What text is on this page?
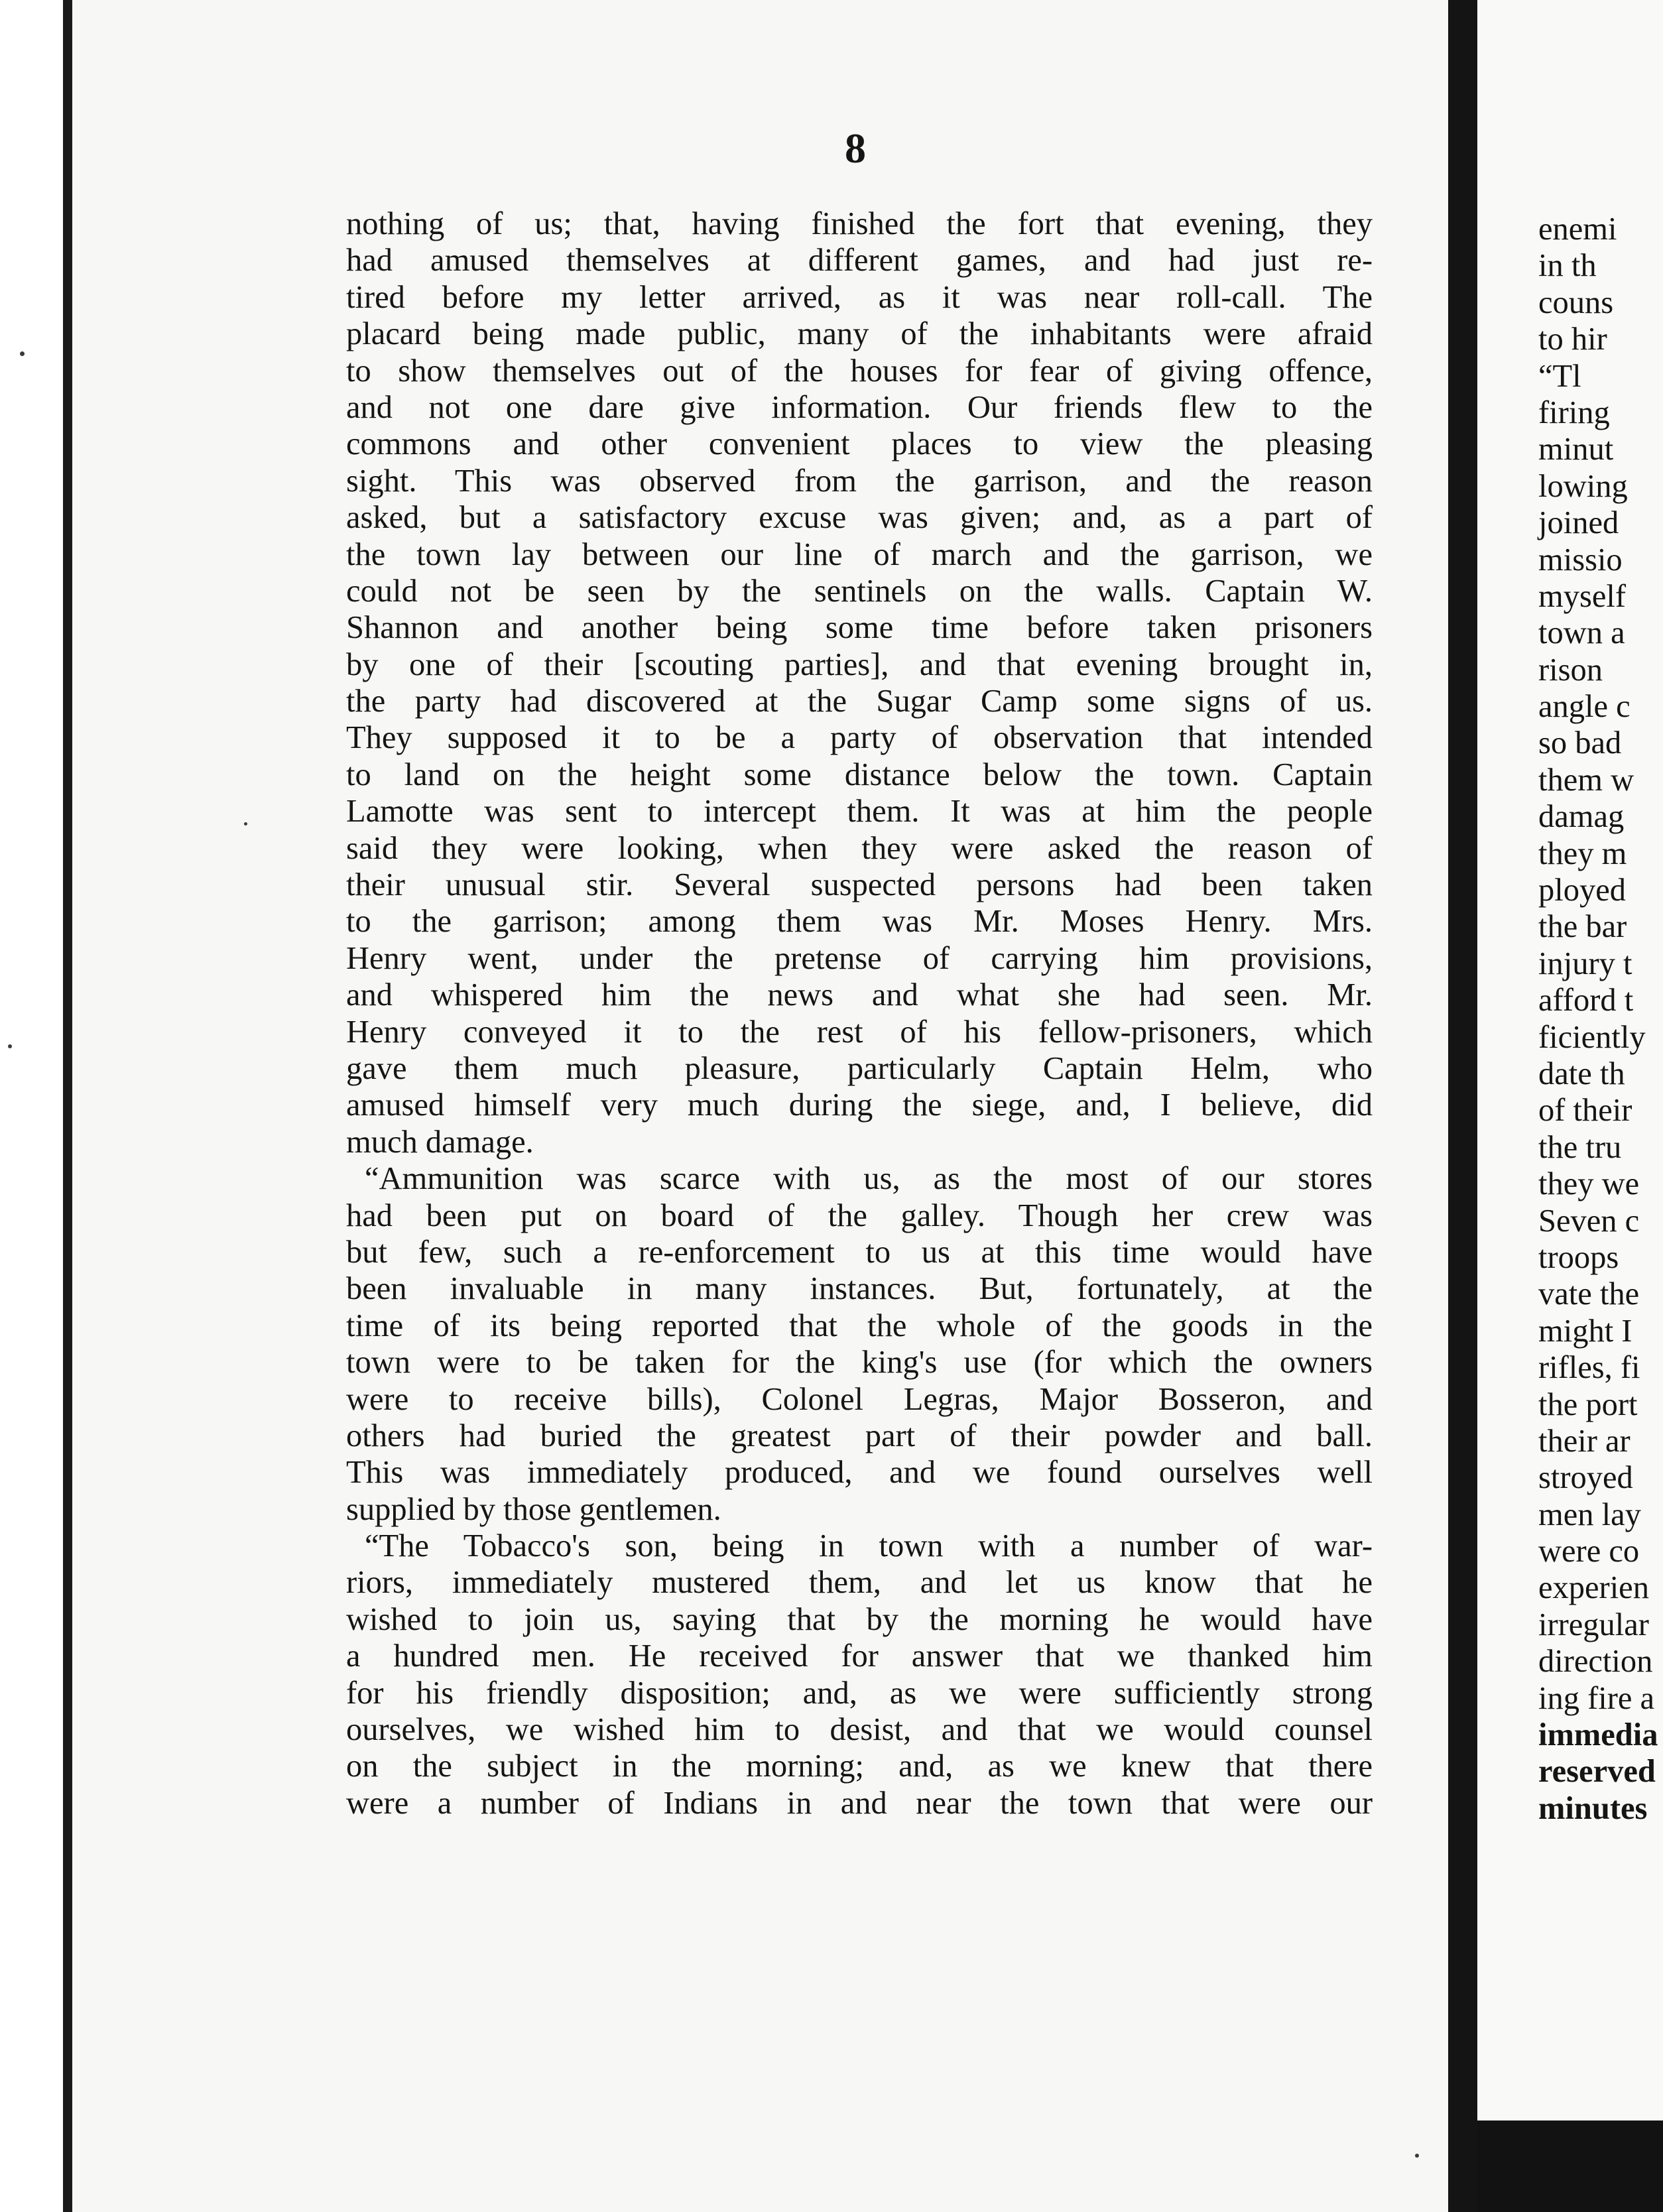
8
nothing of us; that, having finished the fort that evening, they
had amused themselves at different games, and had just re-
tired before my letter arrived, as it was near roll-call. The
placard being made public, many of the inhabitants were afraid
to show themselves out of the houses for fear of giving offence,
and not one dare give information. Our friends flew to the
commons and other convenient places to view the pleasing
sight. This was observed from the garrison, and the reason
asked, but a satisfactory excuse was given; and, as a part of
the town lay between our line of march and the garrison, we
could not be seen by the sentinels on the walls. Captain W.
Shannon and another being some time before taken prisoners
by one of their [scouting parties], and that evening brought in,
the party had discovered at the Sugar Camp some signs of us.
They supposed it to be a party of observation that intended
to land on the height some distance below the town. Captain
Lamotte was sent to intercept them. It was at him the people
said they were looking, when they were asked the reason of
their unusual stir. Several suspected persons had been taken
to the garrison; among them was Mr. Moses Henry. Mrs.
Henry went, under the pretense of carrying him provisions,
and whispered him the news and what she had seen. Mr.
Henry conveyed it to the rest of his fellow-prisoners, which
gave them much pleasure, particularly Captain Helm, who
amused himself very much during the siege, and, I believe, did
much damage.
“Ammunition was scarce with us, as the most of our stores
had been put on board of the galley. Though her crew was
but few, such a re-enforcement to us at this time would have
been invaluable in many instances. But, fortunately, at the
time of its being reported that the whole of the goods in the
town were to be taken for the king's use (for which the owners
were to receive bills), Colonel Legras, Major Bosseron, and
others had buried the greatest part of their powder and ball.
This was immediately produced, and we found ourselves well
supplied by those gentlemen.
“The Tobacco's son, being in town with a number of war-
riors, immediately mustered them, and let us know that he
wished to join us, saying that by the morning he would have
a hundred men. He received for answer that we thanked him
for his friendly disposition; and, as we were sufficiently strong
ourselves, we wished him to desist, and that we would counsel
on the subject in the morning; and, as we knew that there
were a number of Indians in and near the town that were our
enemi
in th
couns
to hir
“Tl
firing
minut
lowing
joined
missio
myself
town a
rison
angle c
so bad
them w
damag
they m
ployed
the bar
injury t
afford t
ficiently
date th
of their
the tru
they we
Seven c
troops
vate the
might I
rifles, fi
the port
their ar
stroyed
men lay
were co
experien
irregular
direction
ing fire a
immedia
reserved
minutes
